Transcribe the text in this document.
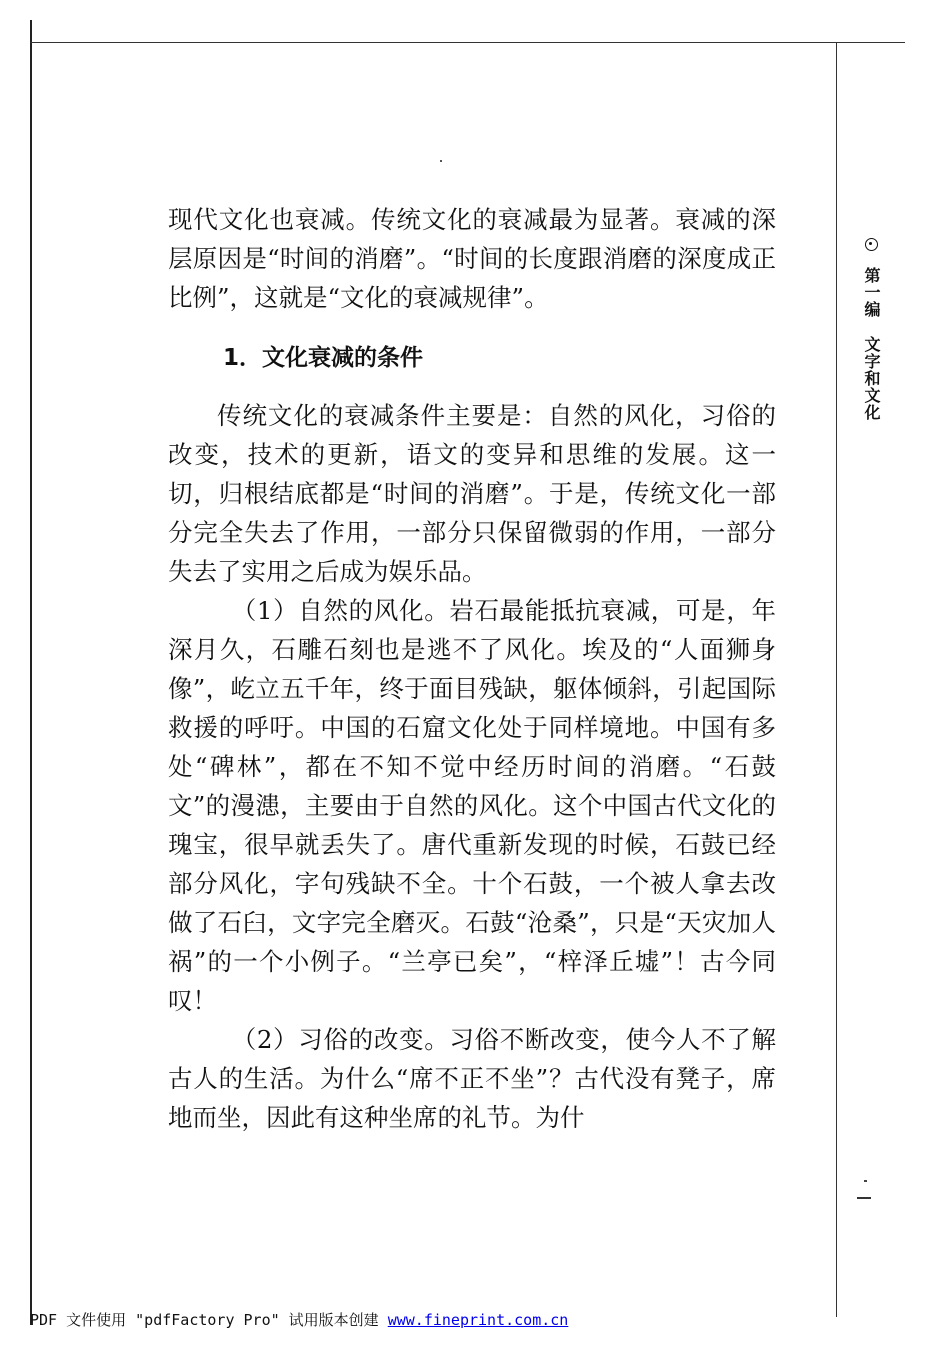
现代文化也衰减。传统文化的衰减最为显著。衰减的深层原因是“时间的消磨”。“时间的长度跟消磨的深度成正比例”，这就是“文化的衰减规律”。

1．文化衰减的条件

传统文化的衰减条件主要是：自然的风化，习俗的改变，技术的更新，语文的变异和思维的发展。这一切，归根结底都是“时间的消磨”。于是，传统文化一部分完全失去了作用，一部分只保留微弱的作用，一部分失去了实用之后成为娱乐品。

（1）自然的风化。岩石最能抵抗衰减，可是，年深月久，石雕石刻也是逃不了风化。埃及的“人面狮身像”，屹立五千年，终于面目残缺，躯体倾斜，引起国际救援的呼吁。中国的石窟文化处于同样境地。中国有多处“碑林”，都在不知不觉中经历时间的消磨。“石鼓文”的漫漶，主要由于自然的风化。这个中国古代文化的瑰宝，很早就丢失了。唐代重新发现的时候，石鼓已经部分风化，字句残缺不全。十个石鼓，一个被人拿去改做了石臼，文字完全磨灭。石鼓“沧桑”，只是“天灾加人祸”的一个小例子。“兰亭已矣”，“梓泽丘墟”！古今同叹！

（2）习俗的改变。习俗不断改变，使今人不了解古人的生活。为什么“席不正不坐”？古代没有凳子，席地而坐，因此有这种坐席的礼节。为什

第一编
文字和文化
PDF 文件使用 "pdfFactory Pro" 试用版本创建 www.fineprint.com.cn
